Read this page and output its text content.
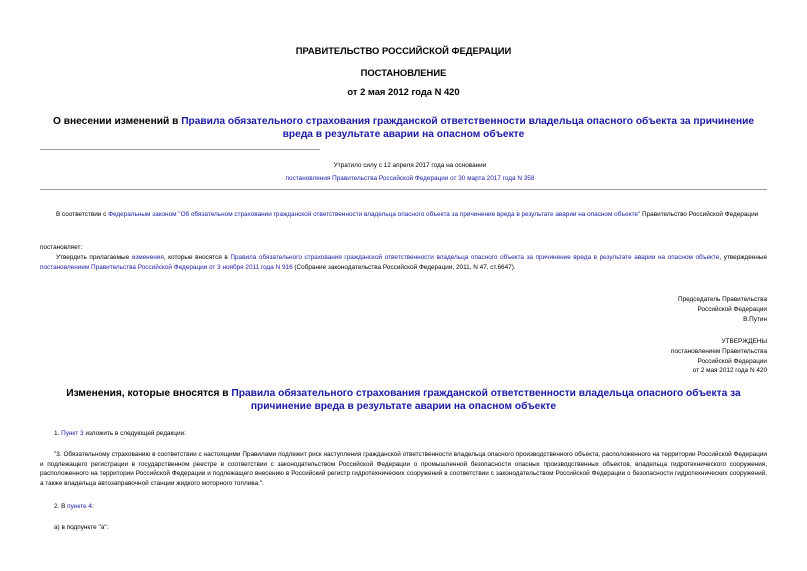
ПРАВИТЕЛЬСТВО РОССИЙСКОЙ ФЕДЕРАЦИИ
ПОСТАНОВЛЕНИЕ
от 2 мая 2012 года N 420
О внесении изменений в Правила обязательного страхования гражданской ответственности владельца опасного объекта за причинение вреда в результате аварии на опасном объекте
Утратило силу с 12 апреля 2017 года на основании
постановления Правительства Российской Федерации от 30 марта 2017 года N 358
В соответствии с Федеральным законом "Об обязательном страховании гражданской ответственности владельца опасного объекта за причинение вреда в результате аварии на опасном объекте" Правительство Российской Федерации
постановляет:
Утвердить прилагаемые изменения, которые вносятся в Правила обязательного страхования гражданской ответственности владельца опасного объекта за причинение вреда в результате аварии на опасном объекте, утвержденные постановлением Правительства Российской Федерации от 3 ноября 2011 года N 916 (Собрание законодательства Российской Федерации, 2011, N 47, ст.6647).
Председатель Правительства
Российской Федерации
В.Путин
УТВЕРЖДЕНЫ
постановлением Правительства
Российской Федерации
от 2 мая 2012 года N 420
Изменения, которые вносятся в Правила обязательного страхования гражданской ответственности владельца опасного объекта за причинение вреда в результате аварии на опасном объекте
1. Пункт 3 изложить в следующей редакции:
"3. Обязательному страхованию в соответствии с настоящими Правилами подлежит риск наступления гражданской ответственности владельца опасного производственного объекта, расположенного на территории Российской Федерации и подлежащего регистрации в государственном реестре в соответствии с законодательством Российской Федерации о промышленной безопасности опасных производственных объектов, владельца гидротехнического сооружения, расположенного на территории Российской Федерации и подлежащего внесению в Российский регистр гидротехнических сооружений в соответствии с законодательством Российской Федерации о безопасности гидротехнических сооружений, а также владельца автозаправочной станции жидкого моторного топлива.".
2. В пункте 4:
а) в подпункте "а":
